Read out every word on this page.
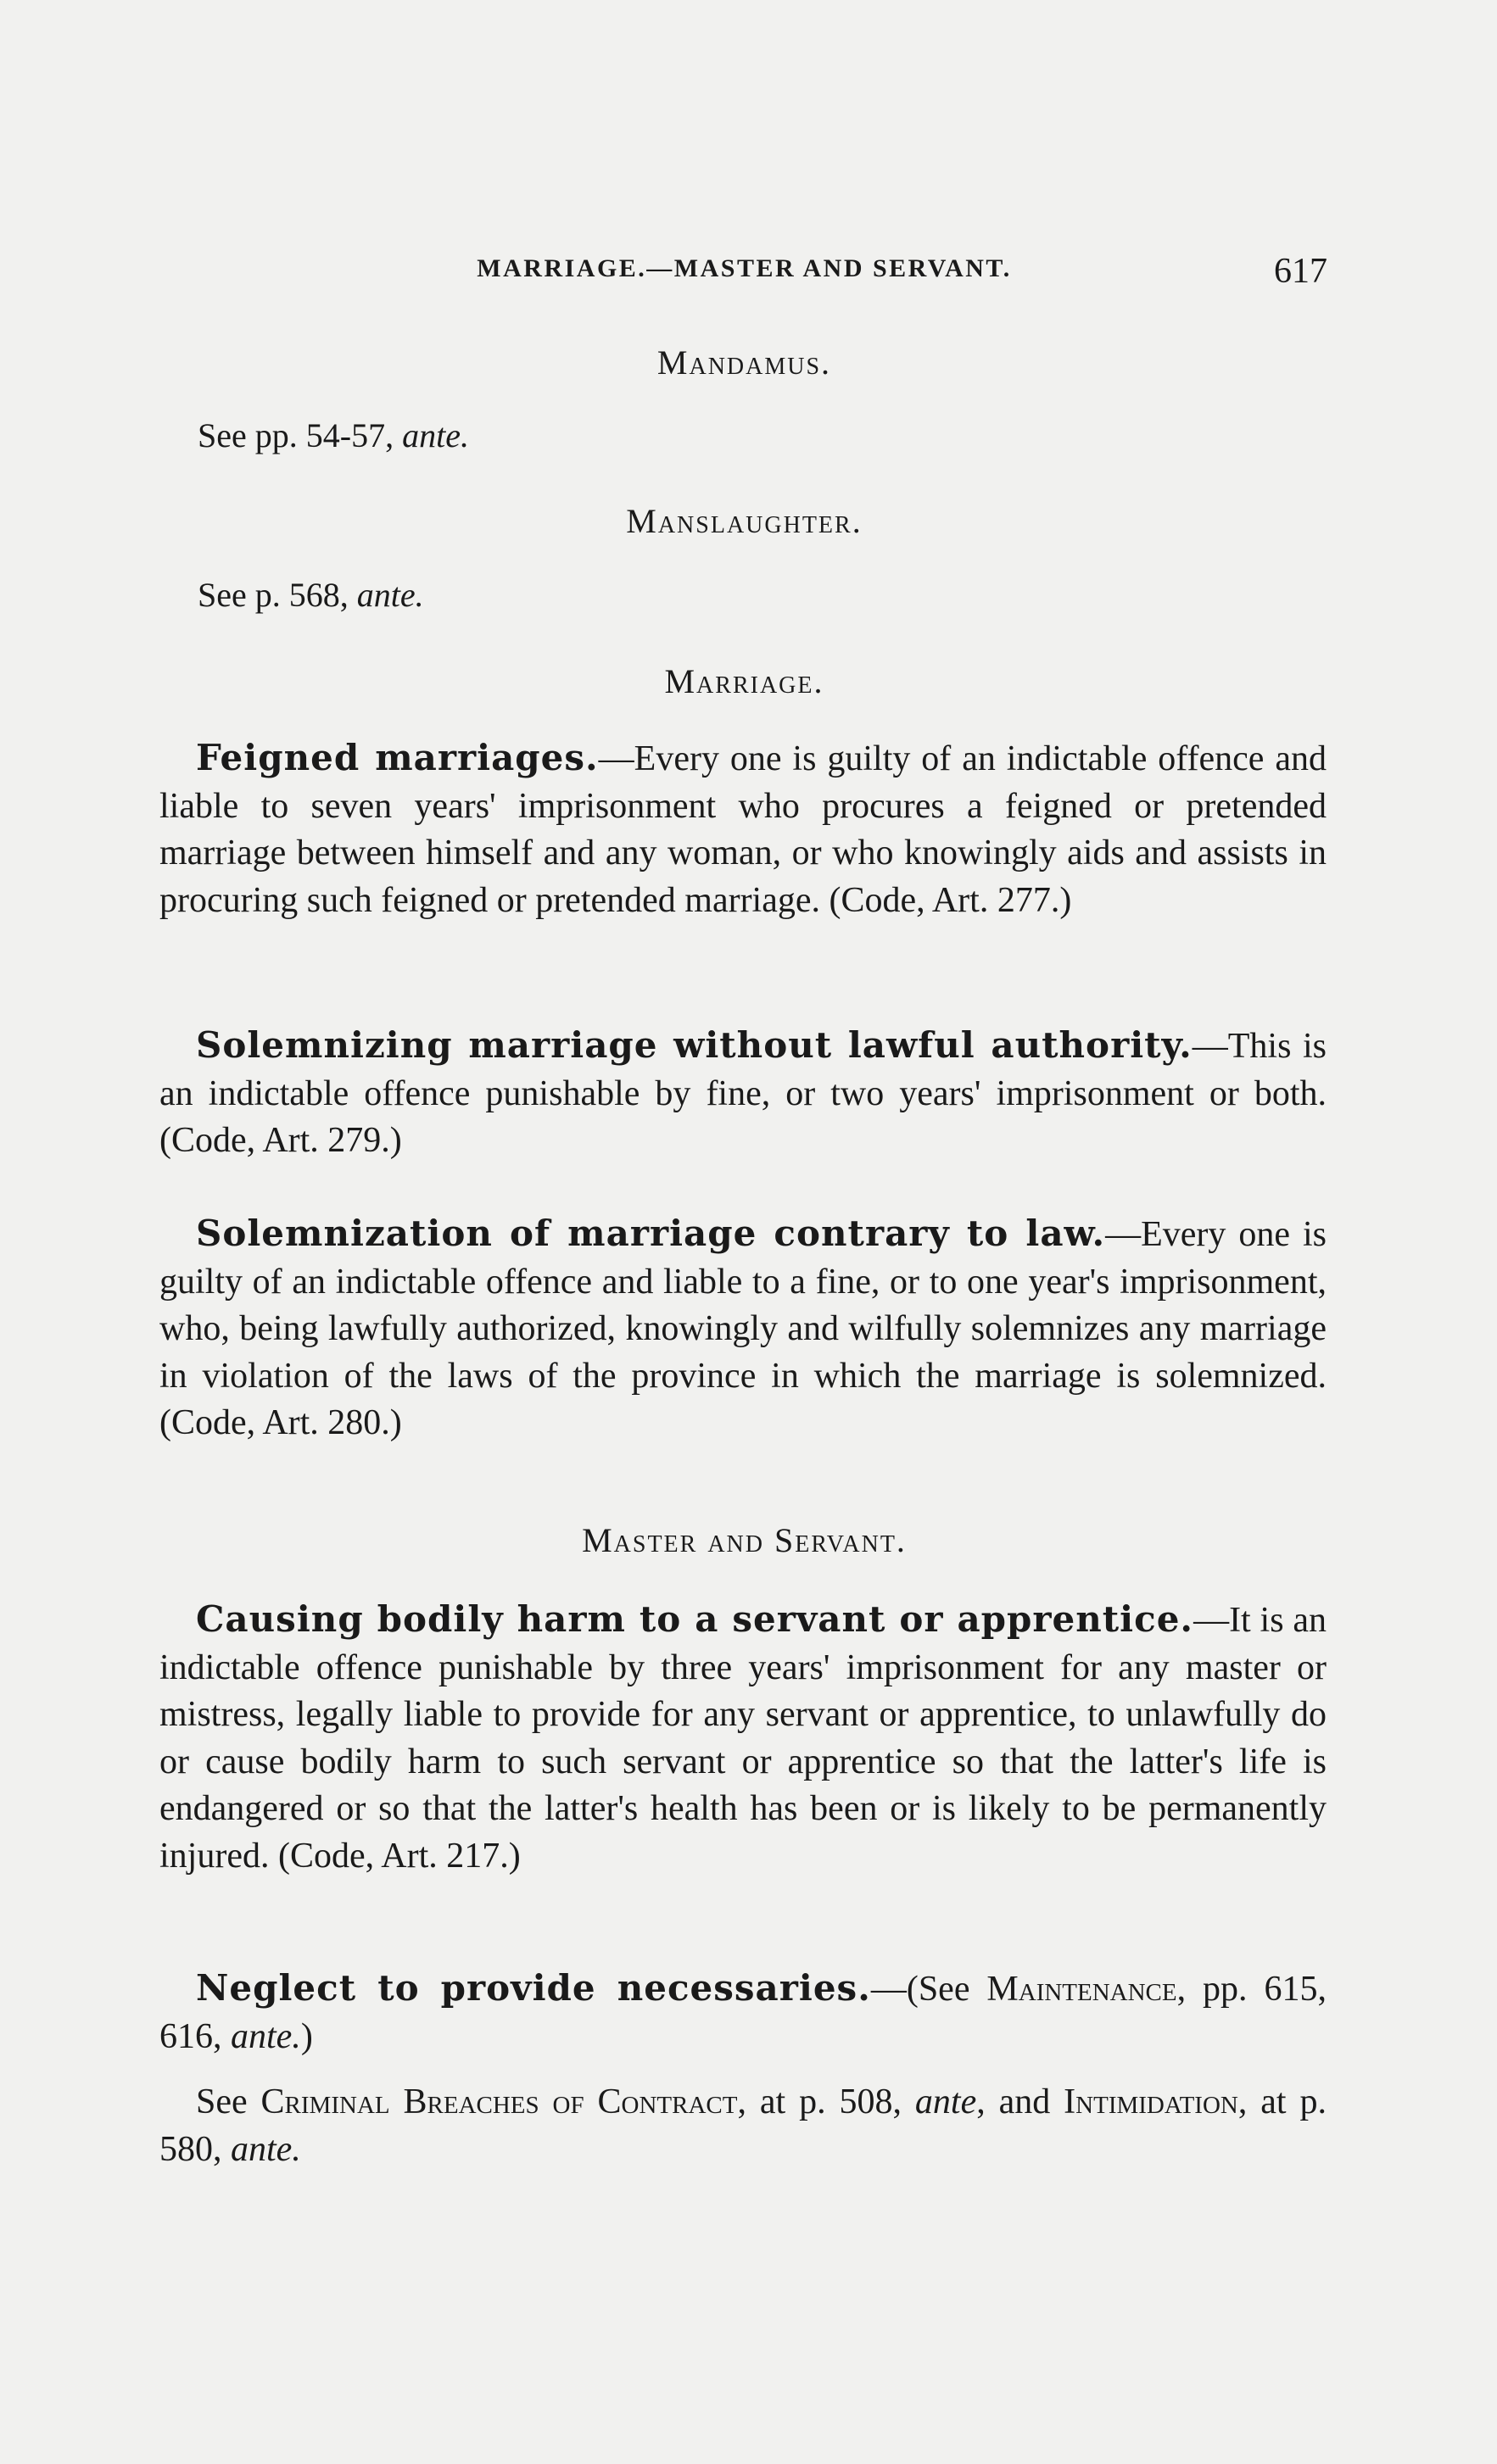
MARRIAGE.—MASTER AND SERVANT.	617
Mandamus.
See pp. 54-57, ante.
Manslaughter.
See p. 568, ante.
Marriage.

Feigned marriages.—Every one is guilty of an indictable offence and liable to seven years' imprisonment who procures a feigned or pretended marriage between himself and any woman, or who knowingly aids and assists in procuring such feigned or pretended marriage. (Code, Art. 277.)

Solemnizing marriage without lawful authority.—This is an indictable offence punishable by fine, or two years' imprisonment or both. (Code, Art. 279.)

Solemnization of marriage contrary to law.—Every one is guilty of an indictable offence and liable to a fine, or to one year's imprisonment, who, being lawfully authorized, knowingly and wilfully solemnizes any marriage in violation of the laws of the province in which the marriage is solemnized. (Code, Art. 280.)

Master and Servant.

Causing bodily harm to a servant or apprentice.—It is an indictable offence punishable by three years' imprisonment for any master or mistress, legally liable to provide for any servant or apprentice, to unlawfully do or cause bodily harm to such servant or apprentice so that the latter's life is endangered or so that the latter's health has been or is likely to be permanently injured. (Code, Art. 217.)

Neglect to provide necessaries.—(See Maintenance, pp. 615, 616, ante.)

See Criminal Breaches of Contract, at p. 508, ante, and Intimidation, at p. 580, ante.
